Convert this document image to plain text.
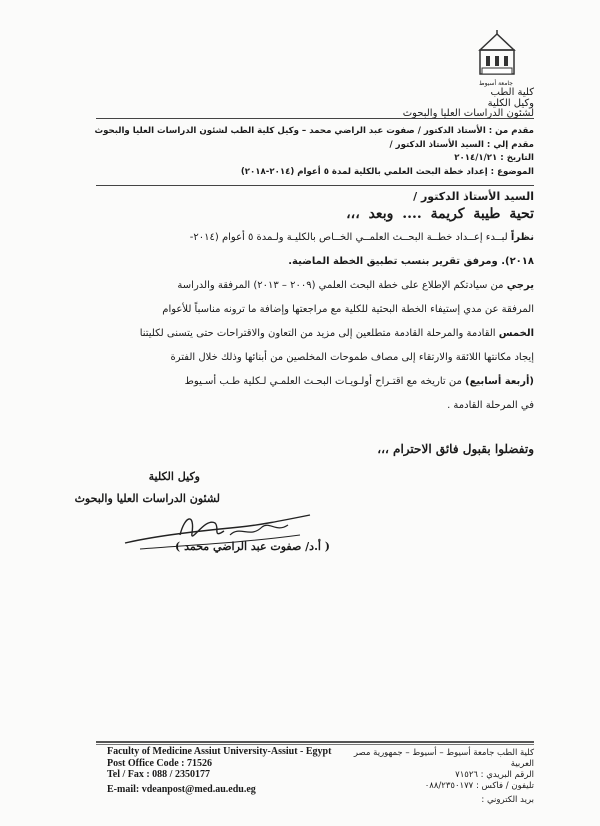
جامعة أسيوط
كلية الطب
وكيل الكلية
لشئون الدراسات العليا والبحوث
مقدم من : الأستاذ الدكتور / صفوت عبد الراضي محمد – وكيل كلية الطب لشئون الدراسات العليا والبحوث
مقدم إلي : السيد الأستاذ الدكتور /
التاريخ : ٢٠١٤/١/٢١
الموضوع : إعداد خطة البحث العلمي بالكلية لمدة ٥ أعوام (٢٠١٤-٢٠١٨)
السيد الأستاذ الدكتور /
تحية طيبة كريمة .... وبعد ،،،

نظراً لبــدء إعــداد خطــة البحــث العلمــي الخــاص بالكليـة ولـمدة ٥ أعوام (٢٠١٤-

٢٠١٨). ومرفق تقرير بنسب تطبيق الخطة الماضية.

يرجي من سيادتكم الإطلاع على خطة البحث العلمي (٢٠٠٩ – ٢٠١٣) المرفقة والدراسة

المرفقة عن مدي إستيفاء الخطة البحثية للكلية مع مراجعتها وإضافة ما ترونه مناسباً للأعوام

الخمس القادمة والمرحلة القادمة متطلعين إلى مزيد من التعاون والاقتراحات حتى يتسنى لكليتنا

إيجاد مكانتها اللائقة والارتقاء إلى مصاف طموحات المخلصين من أبنائها وذلك خلال الفترة

(أربعة أسابيع) من تاريخه مع اقتـراح أولـويـات البحـث العلمـي لـكلية طـب أسـيوط

في المرحلة القادمة .

وتفضلوا بقبول فائق الاحترام ،،،
وكيل الكلية
لشئون الدراسات العليا والبحوث
( أ.د/ صفوت عبد الراضي محمد )
Faculty of Medicine Assiut University-Assiut - Egypt
Post Office Code : 71526
Tel / Fax : 088 / 2350177
E-mail: vdeanpost@med.au.edu.eg
كلية الطب جامعة أسيوط – أسيوط – جمهورية مصر العربية
الرقم البريدي : ٧١٥٢٦
تليفون / فاكس : ٠٨٨/٢٣٥٠١٧٧
بريد الكتروني :
